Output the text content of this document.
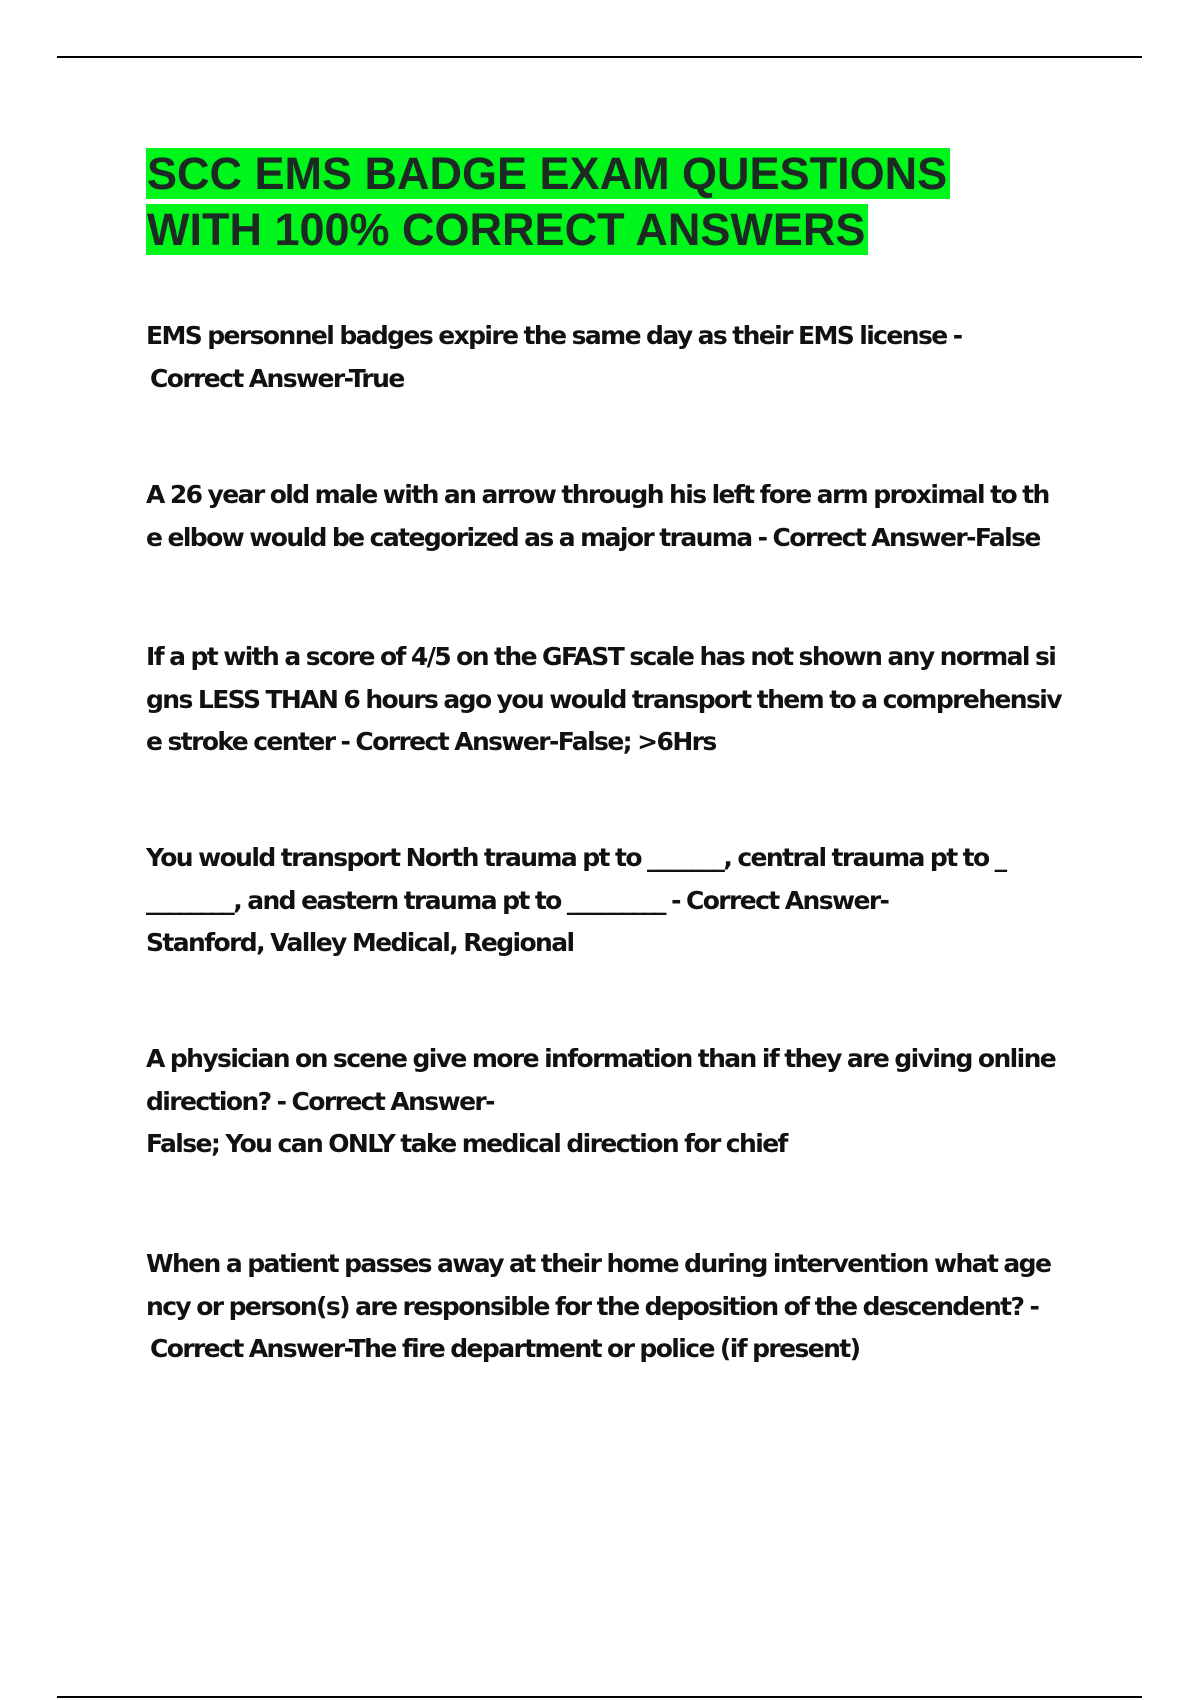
SCC EMS BADGE EXAM QUESTIONS
WITH 100% CORRECT ANSWERS

EMS personnel badges expire the same day as their EMS license -
Correct Answer-True

A 26 year old male with an arrow through his left fore arm proximal to th
e elbow would be categorized as a major trauma - Correct Answer-False

If a pt with a score of 4/5 on the GFAST scale has not shown any normal si
gns LESS THAN 6 hours ago you would transport them to a comprehensiv
e stroke center - Correct Answer-False; >6Hrs

You would transport North trauma pt to _______, central trauma pt to _
________, and eastern trauma pt to _________ - Correct Answer-
Stanford, Valley Medical, Regional

A physician on scene give more information than if they are giving online
direction? - Correct Answer-
False; You can ONLY take medical direction for chief

When a patient passes away at their home during intervention what age
ncy or person(s) are responsible for the deposition of the descendent? -
Correct Answer-The fire department or police (if present)
